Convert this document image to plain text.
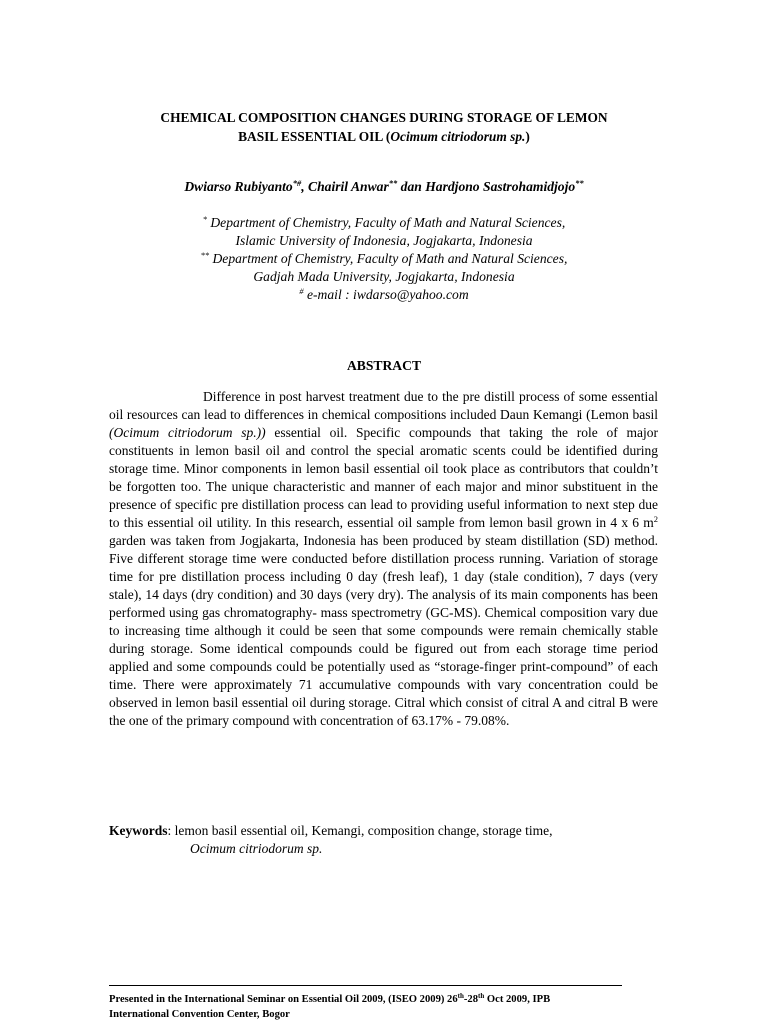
CHEMICAL COMPOSITION CHANGES DURING STORAGE OF LEMON
BASIL ESSENTIAL OIL (Ocimum citriodorum sp.)
Dwiarso Rubiyanto*#, Chairil Anwar** dan Hardjono Sastrohamidjojo**
* Department of Chemistry, Faculty of Math and Natural Sciences,
Islamic University of Indonesia, Jogjakarta, Indonesia
** Department of Chemistry, Faculty of Math and Natural Sciences,
Gadjah Mada University, Jogjakarta, Indonesia
# e-mail : iwdarso@yahoo.com
ABSTRACT

Difference in post harvest treatment due to the pre distill process of some essential oil resources can lead to differences in chemical compositions included Daun Kemangi (Lemon basil (Ocimum citriodorum sp.)) essential oil. Specific compounds that taking the role of major constituents in lemon basil oil and control the special aromatic scents could be identified during storage time. Minor components in lemon basil essential oil took place as contributors that couldn’t be forgotten too. The unique characteristic and manner of each major and minor substituent in the presence of specific pre distillation process can lead to providing useful information to next step due to this essential oil utility. In this research, essential oil sample from lemon basil grown in 4 x 6 $m^2$ garden was taken from Jogjakarta, Indonesia has been produced by steam distillation (SD) method. Five different storage time were conducted before distillation process running. Variation of storage time for pre distillation process including 0 day (fresh leaf), 1 day (stale condition), 7 days (very stale), 14 days (dry condition) and 30 days (very dry). The analysis of its main components has been performed using gas chromatography- mass spectrometry (GC-MS). Chemical composition vary due to increasing time although it could be seen that some compounds were remain chemically stable during storage. Some identical compounds could be figured out from each storage time period applied and some compounds could be potentially used as “storage-finger print-compound” of each time. There were approximately 71 accumulative compounds with vary concentration could be observed in lemon basil essential oil during storage. Citral which consist of citral A and citral B were the one of the primary compound with concentration of 63.17% - 79.08%.

Keywords: lemon basil essential oil, Kemangi, composition change, storage time,
Ocimum citriodorum sp.
Presented in the International Seminar on Essential Oil 2009, (ISEO 2009) 26th-28th Oct 2009, IPB
International Convention Center, Bogor
